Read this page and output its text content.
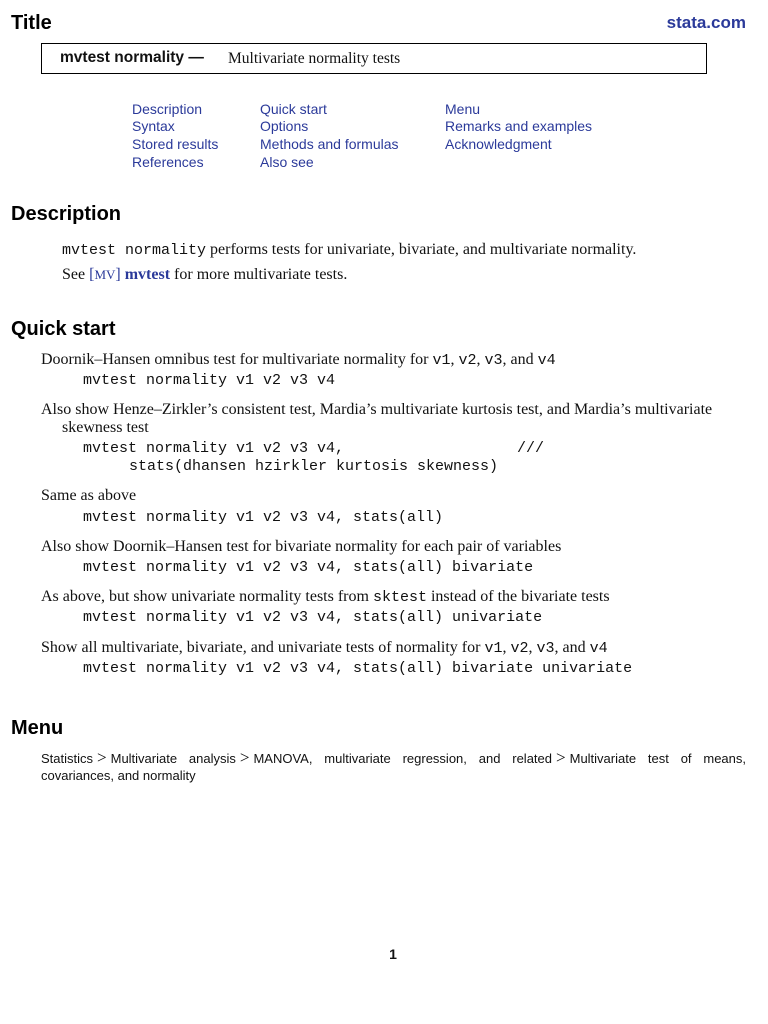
Title	stata.com
mvtest normality — Multivariate normality tests
Description
Syntax
Stored results
References
Quick start
Options
Methods and formulas
Also see
Menu
Remarks and examples
Acknowledgment
Description
mvtest normality performs tests for univariate, bivariate, and multivariate normality.
See [MV] mvtest for more multivariate tests.
Quick start
Doornik–Hansen omnibus test for multivariate normality for v1, v2, v3, and v4
mvtest normality v1 v2 v3 v4
Also show Henze–Zirkler’s consistent test, Mardia’s multivariate kurtosis test, and Mardia’s multivariate
skewness test
mvtest normality v1 v2 v3 v4,	///
stats(dhansen hzirkler kurtosis skewness)
Same as above
mvtest normality v1 v2 v3 v4, stats(all)
Also show Doornik–Hansen test for bivariate normality for each pair of variables
mvtest normality v1 v2 v3 v4, stats(all) bivariate
As above, but show univariate normality tests from sktest instead of the bivariate tests
mvtest normality v1 v2 v3 v4, stats(all) univariate
Show all multivariate, bivariate, and univariate tests of normality for v1, v2, v3, and v4
mvtest normality v1 v2 v3 v4, stats(all) bivariate univariate
Menu
Statistics > Multivariate analysis > MANOVA, multivariate regression, and related > Multivariate test of means, covariances, and normality
1
